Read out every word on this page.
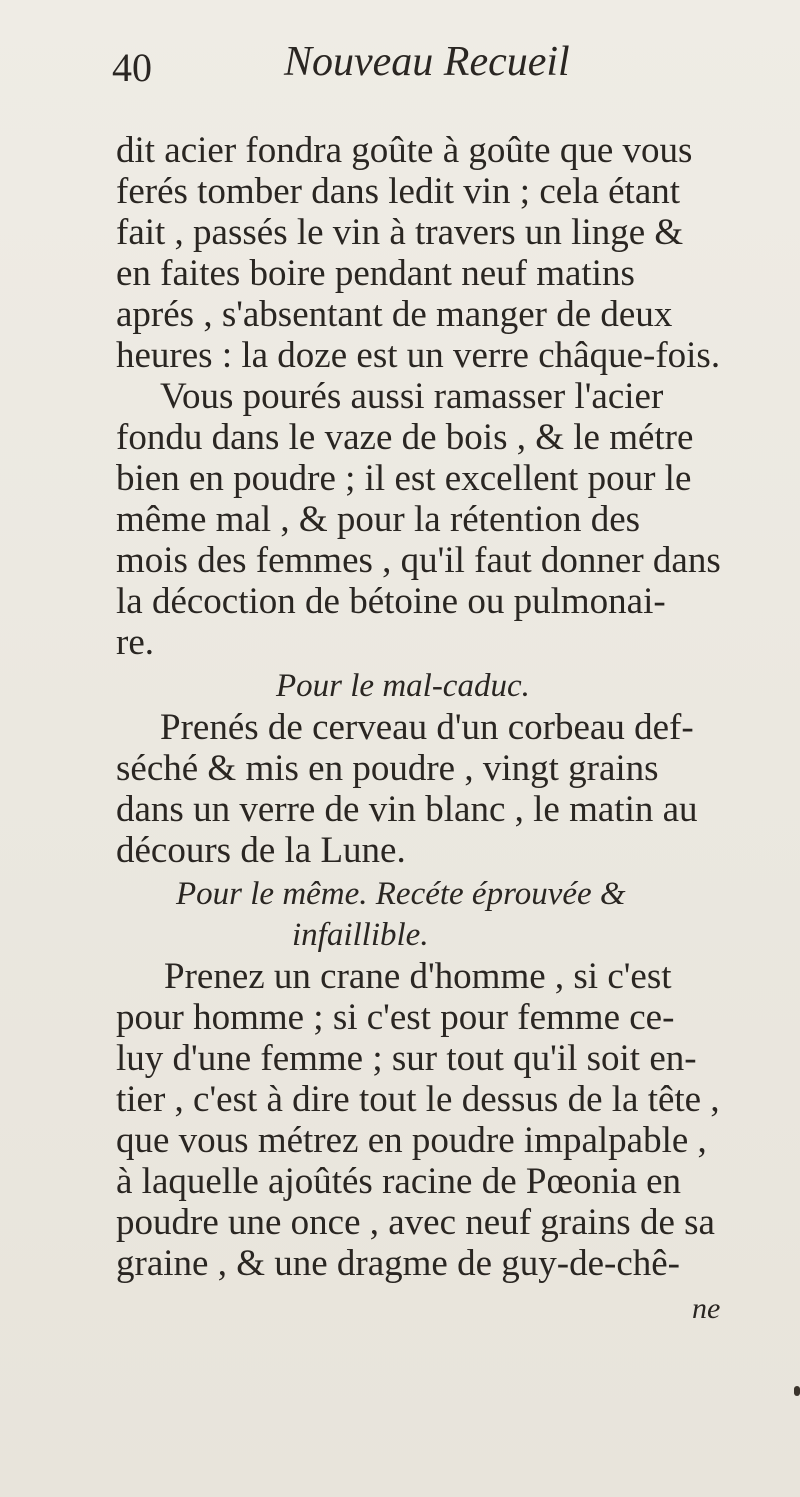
40	Nouveau Recueil
dit acier fondra goûte à goûte que vous
ferés tomber dans ledit vin ; cela étant
fait , passés le vin à travers un linge &
en faites boire pendant neuf matins
aprés , s'absentant de manger de deux
heures : la doze est un verre châque-fois.
Vous pourés aussi ramasser l'acier
fondu dans le vaze de bois , & le métre
bien en poudre ; il est excellent pour le
même mal , & pour la rétention des
mois des femmes , qu'il faut donner dans
la décoction de bétoine ou pulmonai-
re.
Pour le mal-caduc.
Prenés de cerveau d'un corbeau def-
séché & mis en poudre , vingt grains
dans un verre de vin blanc , le matin au
décours de la Lune.
Pour le même. Recéte éprouvée &
infaillible.
Prenez un crane d'homme , si c'est
pour homme ; si c'est pour femme ce-
luy d'une femme ; sur tout qu'il soit en-
tier , c'est à dire tout le dessus de la tête ,
que vous métrez en poudre impalpable ,
à laquelle ajoûtés racine de Pœonia en
poudre une once , avec neuf grains de sa
graine , & une dragme de guy-de-chê-
ne
